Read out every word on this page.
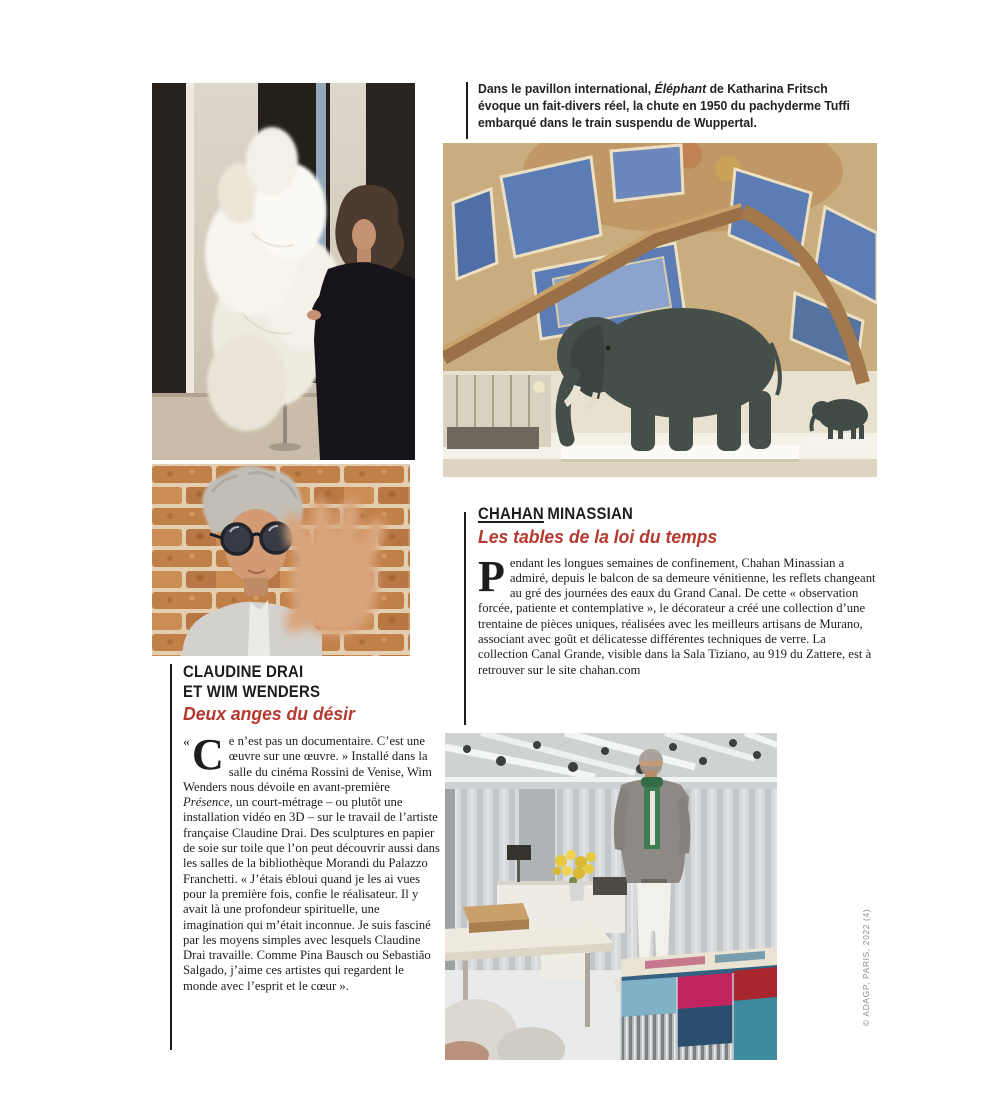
Dans le pavillon international, Éléphant de Katharina Fritsch
évoque un fait-divers réel, la chute en 1950 du pachyderme Tuffi
embarqué dans le train suspendu de Wuppertal.
CHAHAN MINASSIAN
Les tables de la loi du temps

Pendant les longues semaines de confinement, Chahan Minassian a admiré, depuis le balcon de sa demeure vénitienne, les reflets changeant au gré des journées des eaux du Grand Canal. De cette « observation forcée, patiente et contemplative », le décorateur a créé une collection d’une trentaine de pièces uniques, réalisées avec les meilleurs artisans de Murano, associant avec goût et délicatesse différentes techniques de verre. La collection Canal Grande, visible dans la Sala Tiziano, au 919 du Zattere, est à retrouver sur le site chahan.com

CLAUDINE DRAI
ET WIM WENDERS
Deux anges du désir

« C e n’est pas un documentaire. C’est une œuvre sur une œuvre. » Installé dans la salle du cinéma Rossini de Venise, Wim Wenders nous dévoile en avant-première Présence, un court-métrage – ou plutôt une installation vidéo en 3D – sur le travail de l’artiste française Claudine Drai. Des sculptures en papier de soie sur toile que l’on peut découvrir aussi dans les salles de la bibliothèque Morandi du Palazzo Franchetti. « J’étais ébloui quand je les ai vues pour la première fois, confie le réalisateur. Il y avait là une profondeur spirituelle, une imagination qui m’était inconnue. Je suis fasciné par les moyens simples avec lesquels Claudine Drai travaille. Comme Pina Bausch ou Sebastião Salgado, j’aime ces artistes qui regardent le monde avec l’esprit et le cœur ».	© ADAGP, PARIS, 2022 (4)
